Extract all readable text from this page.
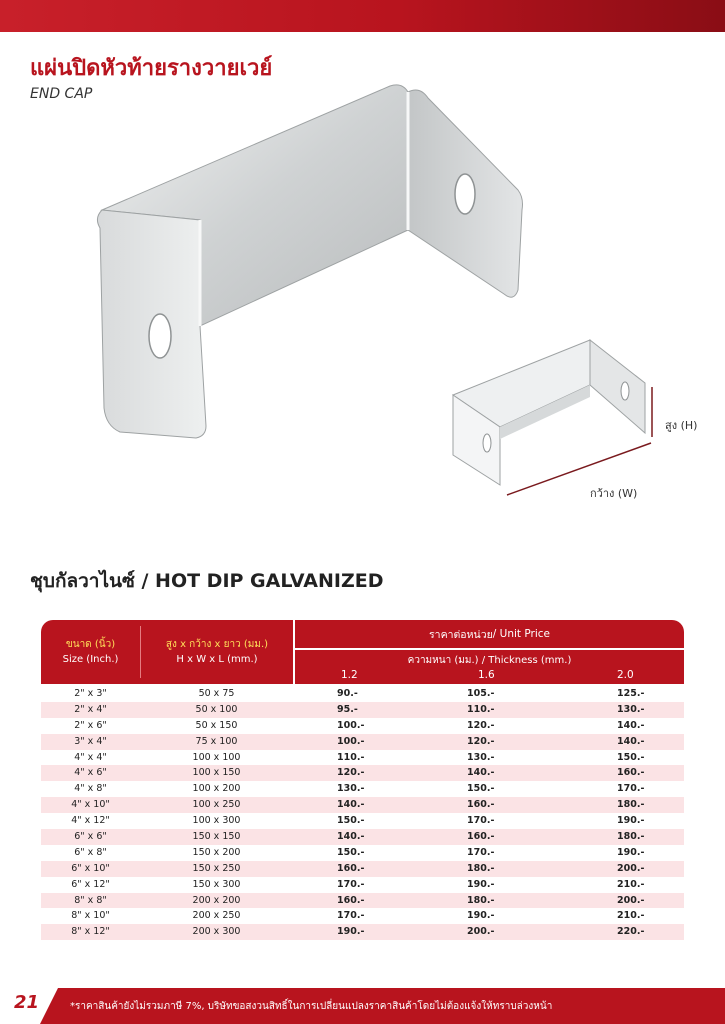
แผ่นปิดหัวท้ายรางวายเวย์
END CAP
สูง (H)
กว้าง (W)
ชุบกัลวาไนซ์ / HOT DIP GALVANIZED
ขนาด (นิ้ว)
Size (Inch.)
สูง x กว้าง x ยาว (มม.)
H x W x L (mm.)
ราคาต่อหน่วย / Unit Price
ความหนา (มม.) / Thickness (mm.)
1.2	1.6	2.0
2" x 3"	50 x 75	90.-	105.-	125.-
2" x 4"	50 x 100	95.-	110.-	130.-
2" x 6"	50 x 150	100.-	120.-	140.-
3" x 4"	75 x 100	100.-	120.-	140.-
4" x 4"	100 x 100	110.-	130.-	150.-
4" x 6"	100 x 150	120.-	140.-	160.-
4" x 8"	100 x 200	130.-	150.-	170.-
4" x 10"	100 x 250	140.-	160.-	180.-
4" x 12"	100 x 300	150.-	170.-	190.-
6" x 6"	150 x 150	140.-	160.-	180.-
6" x 8"	150 x 200	150.-	170.-	190.-
6" x 10"	150 x 250	160.-	180.-	200.-
6" x 12"	150 x 300	170.-	190.-	210.-
8" x 8"	200 x 200	160.-	180.-	200.-
8" x 10"	200 x 250	170.-	190.-	210.-
8" x 12"	200 x 300	190.-	200.-	220.-
21	*ราคาสินค้ายังไม่รวมภาษี 7%, บริษัทขอสงวนสิทธิ์ในการเปลี่ยนแปลงราคาสินค้าโดยไม่ต้องแจ้งให้ทราบล่วงหน้า
